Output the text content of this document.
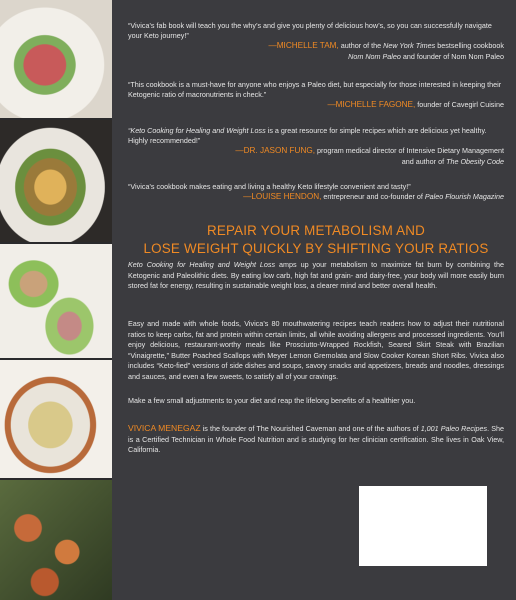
“Vivica’s fab book will teach you the why’s and give you plenty of delicious how’s, so you can successfully navigate your Keto journey!”
—MICHELLE TAM, author of the New York Times bestselling cookbook
Nom Nom Paleo and founder of Nom Nom Paleo
“This cookbook is a must-have for anyone who enjoys a Paleo diet, but especially for those interested in keeping their Ketogenic ratio of macronutrients in check.”
—MICHELLE FAGONE, founder of Cavegirl Cuisine
“Keto Cooking for Healing and Weight Loss is a great resource for simple recipes which are delicious yet healthy. Highly recommended!”
—DR. JASON FUNG, program medical director of Intensive Dietary Management
and author of The Obesity Code
“Vivica’s cookbook makes eating and living a healthy Keto lifestyle convenient and tasty!”
—LOUISE HENDON, entrepreneur and co-founder of Paleo Flourish Magazine
REPAIR YOUR METABOLISM AND
LOSE WEIGHT QUICKLY BY SHIFTING YOUR RATIOS

Keto Cooking for Healing and Weight Loss amps up your metabolism to maximize fat burn by combining the Ketogenic and Paleolithic diets. By eating low carb, high fat and grain- and dairy-free, your body will more easily burn stored fat for energy, resulting in sustainable weight loss, a clearer mind and better overall health.

Easy and made with whole foods, Vivica’s 80 mouthwatering recipes teach readers how to adjust their nutritional ratios to keep carbs, fat and protein within certain limits, all while avoiding allergens and processed ingredients. You’ll enjoy delicious, restaurant-worthy meals like Prosciutto-Wrapped Rockfish, Seared Skirt Steak with Brazilian “Vinaigrette,” Butter Poached Scallops with Meyer Lemon Gremolata and Slow Cooker Korean Short Ribs. Vivica also includes “Keto-fied” versions of side dishes and soups, savory snacks and appetizers, breads and noodles, dressings and sauces, and even a few sweets, to satisfy all of your cravings.

Make a few small adjustments to your diet and reap the lifelong benefits of a healthier you.

VIVICA MENEGAZ is the founder of The Nourished Caveman and one of the authors of 1,001 Paleo Recipes. She is a Certified Technician in Whole Food Nutrition and is studying for her clinician certification. She lives in Oak View, California.
